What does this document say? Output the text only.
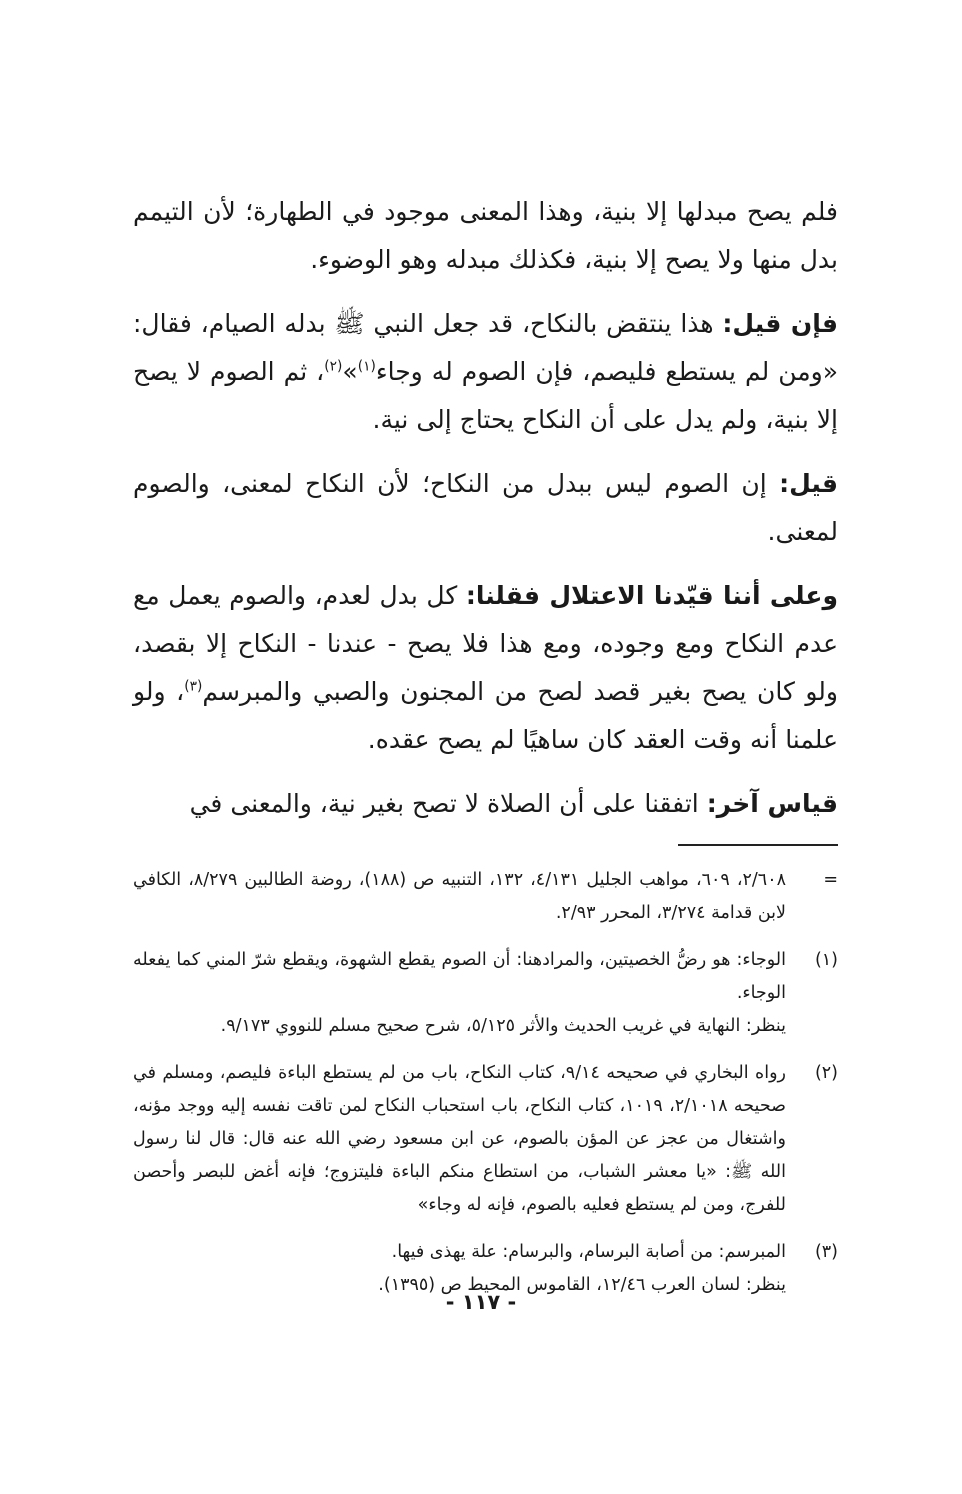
فلم يصح مبدلها إلا بنية، وهذا المعنى موجود في الطهارة؛ لأن التيمم بدل منها ولا يصح إلا بنية، فكذلك مبدله وهو الوضوء.

فإن قيل: هذا ينتقض بالنكاح، قد جعل النبي ﷺ بدله الصيام، فقال: «ومن لم يستطع فليصم، فإن الصوم له وجاء$^{(١)}$»$^{(٢)}$، ثم الصوم لا يصح إلا بنية، ولم يدل على أن النكاح يحتاج إلى نية.

قيل: إن الصوم ليس ببدل من النكاح؛ لأن النكاح لمعنى، والصوم لمعنى.

وعلى أننا قيّدنا الاعتلال فقلنا: كل بدل لعدم، والصوم يعمل مع عدم النكاح ومع وجوده، ومع هذا فلا يصح - عندنا - النكاح إلا بقصد، ولو كان يصح بغير قصد لصح من المجنون والصبي والمبرسم$^{(٣)}$، ولو علمنا أنه وقت العقد كان ساهيًا لم يصح عقده.

قياس آخر: اتفقنا على أن الصلاة لا تصح بغير نية، والمعنى في

=
٢/٦٠٨، ٦٠٩، مواهب الجليل ٤/١٣١، ١٣٢، التنبيه ص (١٨٨)، روضة الطالبين ٨/٢٧٩، الكافي لابن قدامة ٣/٢٧٤، المحرر ٢/٩٣.
(١)
الوجاء: هو رضُّ الخصيتين، والمرادهنا: أن الصوم يقطع الشهوة، ويقطع شرّ المني كما يفعله الوجاء.
ينظر: النهاية في غريب الحديث والأثر ٥/١٢٥، شرح صحيح مسلم للنووي ٩/١٧٣.
(٢)
رواه البخاري في صحيحه ٩/١٤، كتاب النكاح، باب من لم يستطع الباءة فليصم، ومسلم في صحيحه ٢/١٠١٨، ١٠١٩، كتاب النكاح، باب استحباب النكاح لمن تاقت نفسه إليه ووجد مؤنه، واشتغال من عجز عن المؤن بالصوم، عن ابن مسعود رضي الله عنه قال: قال لنا رسول الله ﷺ: «يا معشر الشباب، من استطاع منكم الباءة فليتزوج؛ فإنه أغض للبصر وأحصن للفرج، ومن لم يستطع فعليه بالصوم، فإنه له وجاء»
(٣)
المبرسم: من أصابة البرسام، والبرسام: علة يهذى فيها.
ينظر: لسان العرب ١٢/٤٦، القاموس المحيط ص (١٣٩٥).
- ١١٧ -
